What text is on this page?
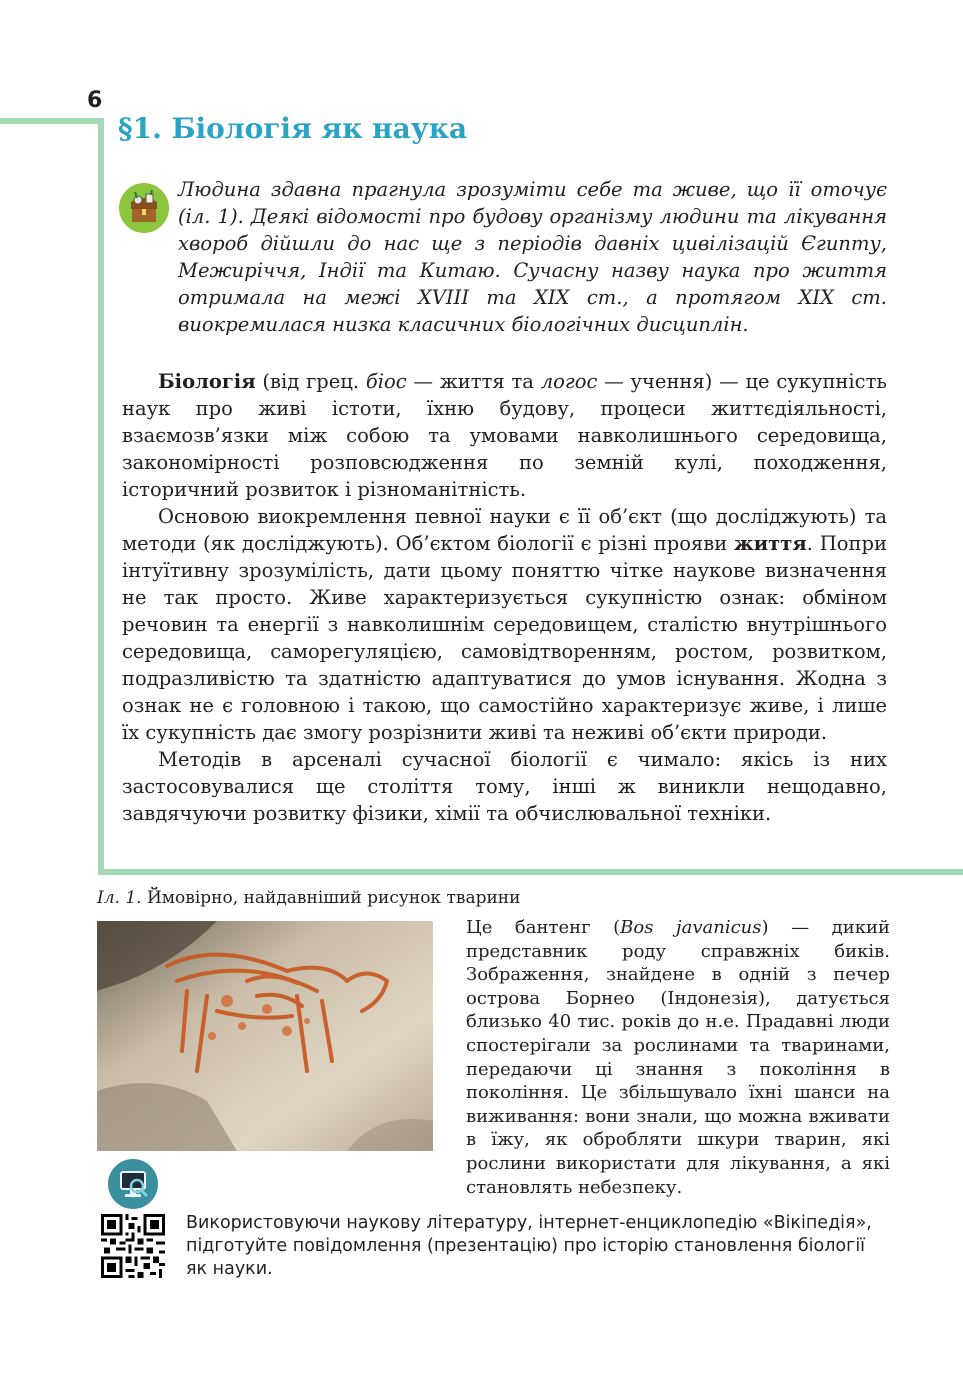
6
§1. Біологія як наука

Людина здавна прагнула зрозуміти себе та живе, що її оточує (іл. 1). Деякі відомості про будову організму людини та лікування хвороб дійшли до нас ще з періодів давніх цивілізацій Єгипту, Межиріччя, Індії та Китаю. Сучасну назву наука про життя отримала на межі XVIII та XIX ст., а протягом XIX ст. виокремилася низка класичних біологічних дисциплін.

Біологія (від грец. біос — життя та логос — учення) — це сукупність наук про живі істоти, їхню будову, процеси життєдіяльності, взаємозв’язки між собою та умовами навколишнього середовища, закономірності розповсюдження по земній кулі, походження, історичний розвиток і різноманітність.

Основою виокремлення певної науки є її об’єкт (що досліджують) та методи (як досліджують). Об’єктом біології є різні прояви життя. Попри інтуїтивну зрозумілість, дати цьому поняттю чітке наукове визначення не так просто. Живе характеризується сукупністю ознак: обміном речовин та енергії з навколишнім середовищем, сталістю внутрішнього середовища, саморегуляцією, самовідтворенням, ростом, розвитком, подразливістю та здатністю адаптуватися до умов існування. Жодна з ознак не є головною і такою, що самостійно характеризує живе, і лише їх сукупність дає змогу розрізнити живі та неживі об’єкти природи.

Методів в арсеналі сучасної біології є чимало: якісь із них застосовувалися ще століття тому, інші ж виникли нещодавно, завдячуючи розвитку фізики, хімії та обчислювальної техніки.

Іл. 1. Ймовірно, найдавніший рисунок тварини
Це бантенг (Bos javanicus) — дикий представник роду справжніх биків. Зображення, знайдене в одній з печер острова Борнео (Індонезія), датується близько 40 тис. років до н.е. Прадавні люди спостерігали за рослинами та тваринами, передаючи ці знання з покоління в покоління. Це збільшувало їхні шанси на виживання: вони знали, що можна вживати в їжу, як обробляти шкури тварин, які рослини використати для лікування, а які становлять небезпеку.
Використовуючи наукову літературу, інтернет-енциклопедію «Вікіпедія», підготуйте повідомлення (презентацію) про історію становлення біології як науки.
